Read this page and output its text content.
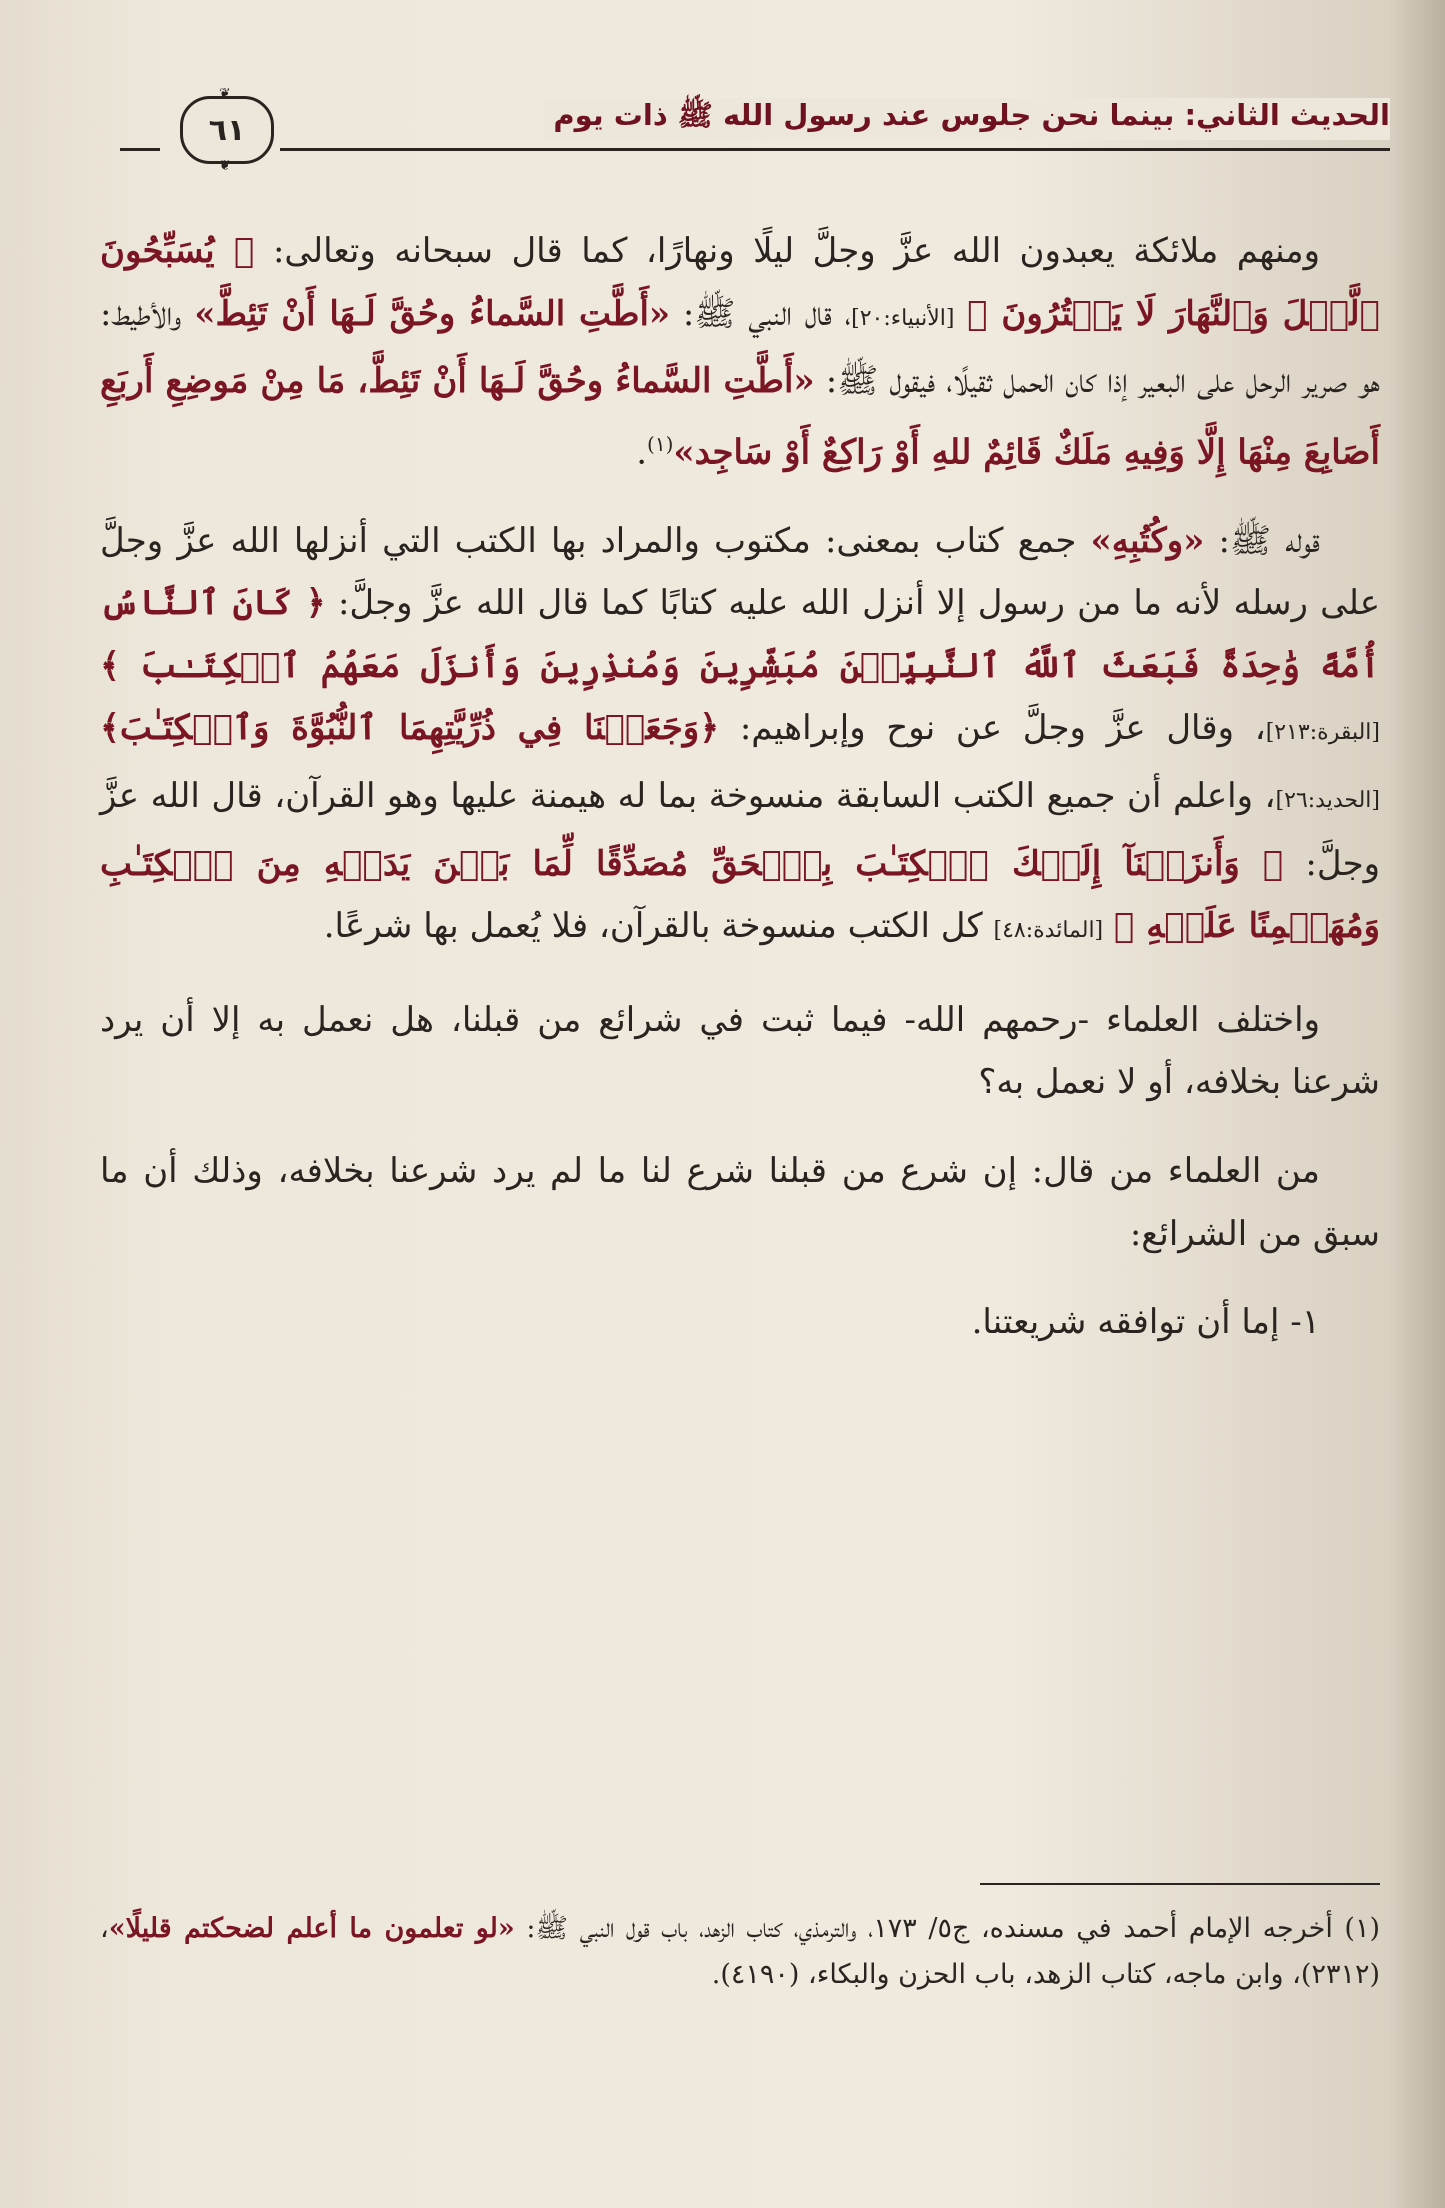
الحديث الثاني: بينما نحن جلوس عند رسول الله ﷺ ذات يوم
❦
٦١
❦

ومنهم ملائكة يعبدون الله عزَّ وجلَّ ليلًا ونهارًا، كما قال سبحانه وتعالى: ﴿ يُسَبِّحُونَ ٱلَّيۡلَ وَٱلنَّهَارَ لَا يَفۡتُرُونَ ﴾ [الأنبياء:٢٠]، قال النبي ﷺ: «أَطَّتِ السَّماءُ وحُقَّ لَـهَا أَنْ تَئِطَّ» والأطيط: هو صرير الرحل على البعير إذا كان الحمل ثقيلًا، فيقول ﷺ: «أَطَّتِ السَّماءُ وحُقَّ لَـهَا أَنْ تَئِطَّ، مَا مِنْ مَوضِعِ أَربَعِ أَصَابِعَ مِنْهَا إِلَّا وَفِيهِ مَلَكٌ قَائِمٌ للهِ أَوْ رَاكِعٌ أَوْ سَاجِد»$^{(١)}$.

قوله ﷺ: «وكُتُبِهِ» جمع كتاب بمعنى: مكتوب والمراد بها الكتب التي أنزلها الله عزَّ وجلَّ على رسله لأنه ما من رسول إلا أنزل الله عليه كتابًا كما قال الله عزَّ وجلَّ: ﴿ كَانَ ٱلنَّاسُ أُمَّةً وَٰحِدَةً فَبَعَثَ ٱللَّهُ ٱلنَّبِيِّـۧنَ مُبَشِّرِينَ وَمُنذِرِينَ وَأَنزَلَ مَعَهُمُ ٱلۡكِتَـٰبَ ﴾ [البقرة:٢١٣]، وقال عزَّ وجلَّ عن نوح وإبراهيم: ﴿وَجَعَلۡنَا فِي ذُرِّيَّتِهِمَا ٱلنُّبُوَّةَ وَٱلۡكِتَـٰبَ﴾ [الحديد:٢٦]، واعلم أن جميع الكتب السابقة منسوخة بما له هيمنة عليها وهو القرآن، قال الله عزَّ وجلَّ: ﴿ وَأَنزَلۡنَآ إِلَيۡكَ ٱلۡكِتَـٰبَ بِٱلۡحَقِّ مُصَدِّقًا لِّمَا بَيۡنَ يَدَيۡهِ مِنَ ٱلۡكِتَـٰبِ وَمُهَيۡمِنًا عَلَيۡهِ ﴾ [المائدة:٤٨] كل الكتب منسوخة بالقرآن، فلا يُعمل بها شرعًا.

واختلف العلماء -رحمهم الله- فيما ثبت في شرائع من قبلنا، هل نعمل به إلا أن يرد شرعنا بخلافه، أو لا نعمل به؟

من العلماء من قال: إن شرع من قبلنا شرع لنا ما لم يرد شرعنا بخلافه، وذلك أن ما سبق من الشرائع:

١- إما أن توافقه شريعتنا.

(١) أخرجه الإمام أحمد في مسنده، ج٥/ ١٧٣، والترمذي، كتاب الزهد، باب قول النبي ﷺ: «لو تعلمون ما أعلم لضحكتم قليلًا»، (٢٣١٢)، وابن ماجه، كتاب الزهد، باب الحزن والبكاء، (٤١٩٠).
